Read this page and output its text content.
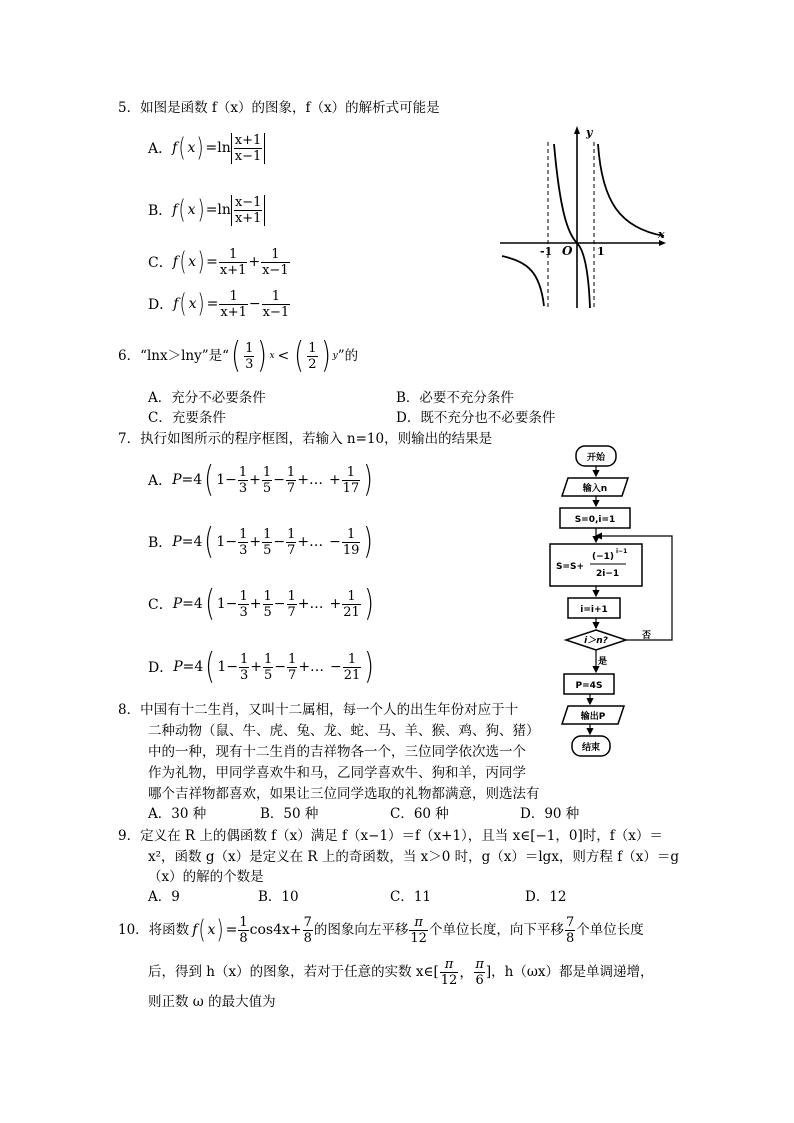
5．如图是函数 f（x）的图象，f（x）的解析式可能是
A． f ( x ) $=\ln \frac{x+1}{x-1}$
B． f ( x ) $=\ln \frac{x-1}{x+1}$
C． f ( x ) = $\frac{1}{x+1} + \frac{1}{x-1}$
D． f ( x ) = $\frac{1}{x+1} - \frac{1}{x-1}$
y
x
-1 O 1
6．“lnx＞lny”是“ ( $\frac{1}{3}$ ) x < ( $\frac{1}{2}$ ) y ”的
A．充分不必要条件	B．必要不充分条件
C．充要条件	D．既不充分也不必要条件
7．执行如图所示的程序框图，若输入 n=10，则输出的结果是
A． P =4 ( $1 - \frac{1}{3} + \frac{1}{5} - \frac{1}{7}$ + … + $\frac{1}{17}$ )
B． P =4 ( $1 - \frac{1}{3} + \frac{1}{5} - \frac{1}{7}$ + … − $\frac{1}{19}$ )
C． P =4 ( $1 - \frac{1}{3} + \frac{1}{5} - \frac{1}{7}$ + … + $\frac{1}{21}$ )
D． P =4 ( $1 - \frac{1}{3} + \frac{1}{5} - \frac{1}{7}$ + … − $\frac{1}{21}$ )
开始
输入n
S=0,i=1
S=S+
(−1)
i−1
2i−1
i=i+1
i＞n?	否
是
P=4S
输出P
结束
8．中国有十二生肖，又叫十二属相，每一个人的出生年份对应于十
二种动物（鼠、牛、虎、兔、龙、蛇、马、羊、猴、鸡、狗、猪）
中的一种，现有十二生肖的吉祥物各一个，三位同学依次选一个
作为礼物，甲同学喜欢牛和马，乙同学喜欢牛、狗和羊，丙同学
哪个吉祥物都喜欢，如果让三位同学选取的礼物都满意，则选法有
A．30 种	B．50 种	C．60 种	D．90 种
9．定义在 R 上的偶函数 f（x）满足 f（x−1）＝f（x+1），且当 x∈[−1，0]时，f（x）＝
x²，函数 g（x）是定义在 R 上的奇函数，当 x＞0 时，g（x）＝lgx，则方程 f（x）＝g
（x）的解的个数是
A．9	B．10	C．11	D．12
10．将函数 f ( x ) = $\frac{1}{8} \cos 4x+ \frac{7}{8}$ 的图象向左平移 $\frac{\pi}{12}$ 个单位长度，向下平移 $\frac{7}{8}$ 个单位长度
后，得到 h（x）的图象，若对于任意的实数 x∈[ $\frac{\pi}{12}$ ， $\frac{\pi}{6}$ ]，h（ωx）都是单调递增，
则正数 ω 的最大值为
